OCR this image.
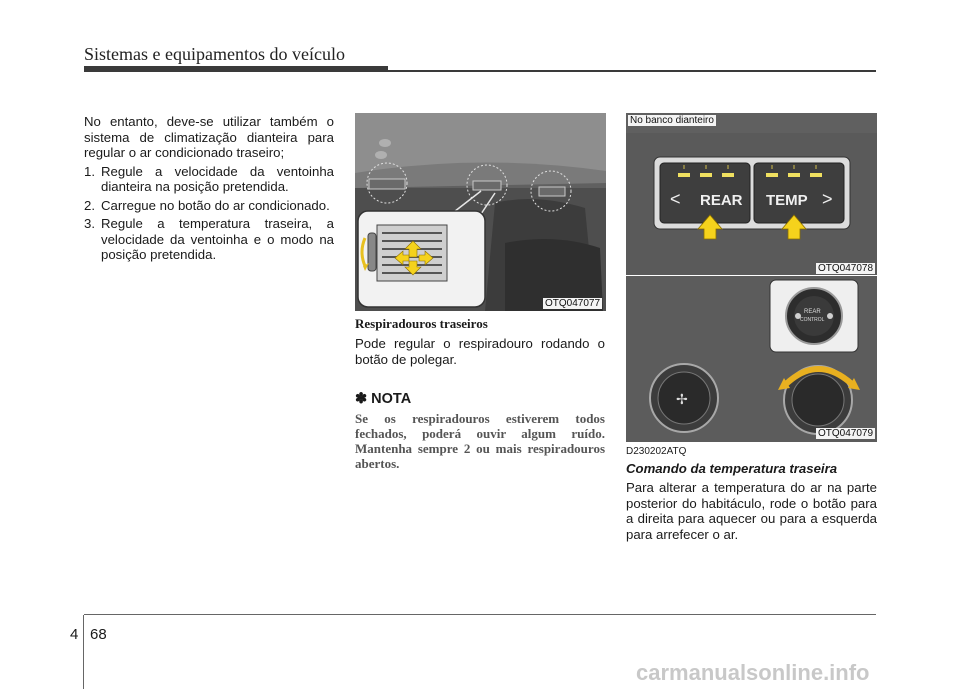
Sistemas e equipamentos do veículo

No entanto, deve-se utilizar também o sistema de climatização dianteira para regular o ar condicionado traseiro;

1. Regule a velocidade da ventoinha dianteira na posição pretendida.
2. Carregue no botão do ar condicionado.
3. Regule a temperatura traseira, a velocidade da ventoinha e o modo na posição pretendida.
OTQ047077

Respiradouros traseiros

Pode regular o respiradouro rodando o botão de polegar.

✽ NOTA

Se os respiradouros estiverem todos fechados, poderá ouvir algum ruído. Mantenha sempre 2 ou mais respiradouros abertos.

No banco dianteiro
<	>
REAR TEMP
OTQ047078
✢
REAR
CONTROL
OTQ047079

D230202ATQ

Comando da temperatura traseira

Para alterar a temperatura do ar na parte posterior do habitáculo, rode o botão para a direita para aquecer ou para a esquerda para arrefecer o ar.

4 68
carmanualsonline.info
